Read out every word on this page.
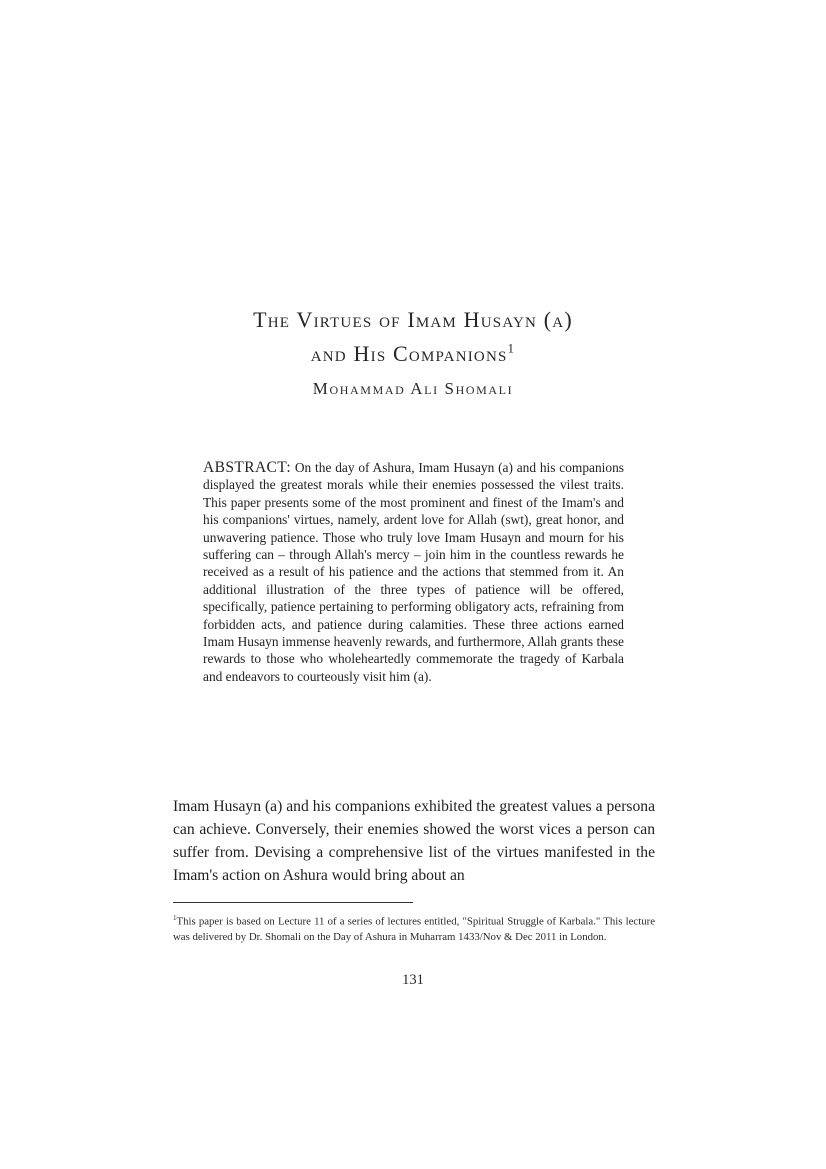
The Virtues of Imam Husayn (a)
and His Companions$^1$
Mohammad Ali Shomali
ABSTRACT: On the day of Ashura, Imam Husayn (a) and his companions displayed the greatest morals while their enemies possessed the vilest traits. This paper presents some of the most prominent and finest of the Imam's and his companions' virtues, namely, ardent love for Allah (swt), great honor, and unwavering patience. Those who truly love Imam Husayn and mourn for his suffering can – through Allah's mercy – join him in the countless rewards he received as a result of his patience and the actions that stemmed from it. An additional illustration of the three types of patience will be offered, specifically, patience pertaining to performing obligatory acts, refraining from forbidden acts, and patience during calamities. These three actions earned Imam Husayn immense heavenly rewards, and furthermore, Allah grants these rewards to those who wholeheartedly commemorate the tragedy of Karbala and endeavors to courteously visit him (a).

Imam Husayn (a) and his companions exhibited the greatest values a persona can achieve. Conversely, their enemies showed the worst vices a person can suffer from. Devising a comprehensive list of the virtues manifested in the Imam's action on Ashura would bring about an

$^1$This paper is based on Lecture 11 of a series of lectures entitled, "Spiritual Struggle of Karbala." This lecture was delivered by Dr. Shomali on the Day of Ashura in Muharram 1433/Nov & Dec 2011 in London.
131
